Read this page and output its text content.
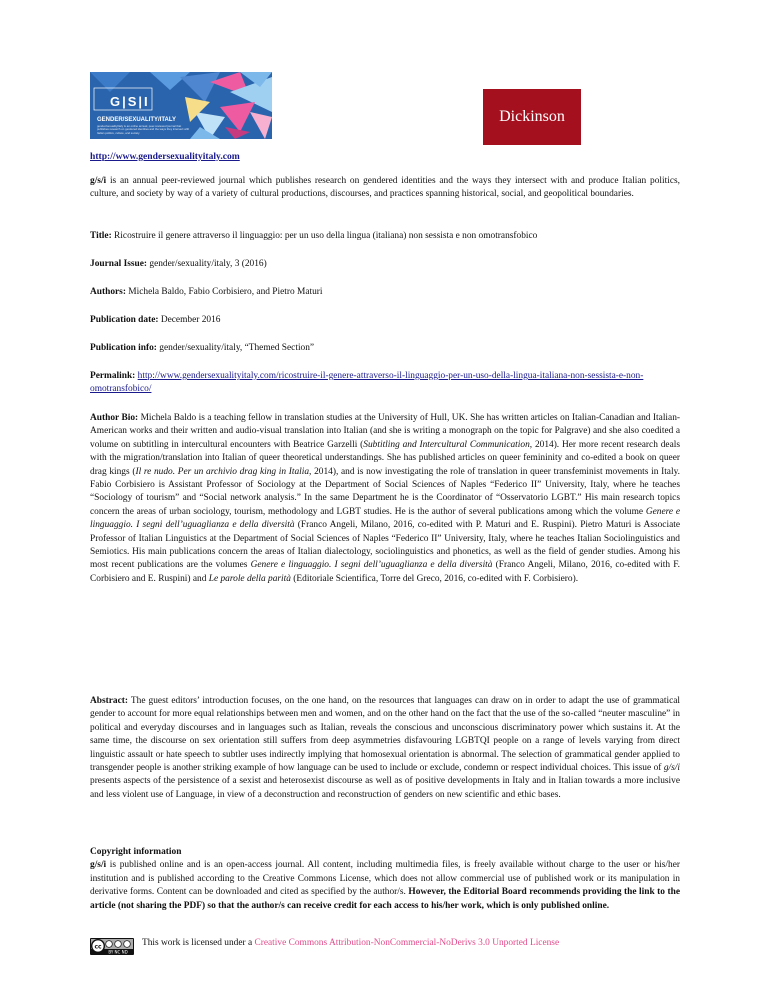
G|S|I
GENDER/SEXUALITY/ITALY
gender/sexuality/italy is an online annual, peer-reviewed journal that publishes research on gendered identities and the ways they intersect with Italian politics, culture, and society.
Dickinson
http://www.gendersexualityitaly.com

g/s/i is an annual peer-reviewed journal which publishes research on gendered identities and the ways they intersect with and produce Italian politics, culture, and society by way of a variety of cultural productions, discourses, and practices spanning historical, social, and geopolitical boundaries.

Title: Ricostruire il genere attraverso il linguaggio: per un uso della lingua (italiana) non sessista e non omotransfobico

Journal Issue: gender/sexuality/italy, 3 (2016)

Authors: Michela Baldo, Fabio Corbisiero, and Pietro Maturi

Publication date: December 2016

Publication info: gender/sexuality/italy, “Themed Section”

Permalink: http://www.gendersexualityitaly.com/ricostruire-il-genere-attraverso-il-linguaggio-per-un-uso-della-lingua-italiana-non-sessista-e-non-omotransfobico/

Author Bio: Michela Baldo is a teaching fellow in translation studies at the University of Hull, UK. She has written articles on Italian-Canadian and Italian-American works and their written and audio-visual translation into Italian (and she is writing a monograph on the topic for Palgrave) and she also coedited a volume on subtitling in intercultural encounters with Beatrice Garzelli (Subtitling and Intercultural Communication, 2014). Her more recent research deals with the migration/translation into Italian of queer theoretical understandings. She has published articles on queer femininity and co-edited a book on queer drag kings (Il re nudo. Per un archivio drag king in Italia, 2014), and is now investigating the role of translation in queer transfeminist movements in Italy. Fabio Corbisiero is Assistant Professor of Sociology at the Department of Social Sciences of Naples “Federico II” University, Italy, where he teaches “Sociology of tourism” and “Social network analysis.” In the same Department he is the Coordinator of “Osservatorio LGBT.” His main research topics concern the areas of urban sociology, tourism, methodology and LGBT studies. He is the author of several publications among which the volume Genere e linguaggio. I segni dell’uguaglianza e della diversità (Franco Angeli, Milano, 2016, co-edited with P. Maturi and E. Ruspini). Pietro Maturi is Associate Professor of Italian Linguistics at the Department of Social Sciences of Naples “Federico II” University, Italy, where he teaches Italian Sociolinguistics and Semiotics. His main publications concern the areas of Italian dialectology, sociolinguistics and phonetics, as well as the field of gender studies. Among his most recent publications are the volumes Genere e linguaggio. I segni dell’uguaglianza e della diversità (Franco Angeli, Milano, 2016, co-edited with F. Corbisiero and E. Ruspini) and Le parole della parità (Editoriale Scientifica, Torre del Greco, 2016, co-edited with F. Corbisiero).

Abstract: The guest editors’ introduction focuses, on the one hand, on the resources that languages can draw on in order to adapt the use of grammatical gender to account for more equal relationships between men and women, and on the other hand on the fact that the use of the so-called “neuter masculine” in political and everyday discourses and in languages such as Italian, reveals the conscious and unconscious discriminatory power which sustains it. At the same time, the discourse on sex orientation still suffers from deep asymmetries disfavouring LGBTQI people on a range of levels varying from direct linguistic assault or hate speech to subtler uses indirectly implying that homosexual orientation is abnormal. The selection of grammatical gender applied to transgender people is another striking example of how language can be used to include or exclude, condemn or respect individual choices. This issue of g/s/i presents aspects of the persistence of a sexist and heterosexist discourse as well as of positive developments in Italy and in Italian towards a more inclusive and less violent use of Language, in view of a deconstruction and reconstruction of genders on new scientific and ethic bases.

Copyright information

g/s/i is published online and is an open-access journal. All content, including multimedia files, is freely available without charge to the user or his/her institution and is published according to the Creative Commons License, which does not allow commercial use of published work or its manipulation in derivative forms. Content can be downloaded and cited as specified by the author/s. However, the Editorial Board recommends providing the link to the article (not sharing the PDF) so that the author/s can receive credit for each access to his/her work, which is only published online.

cc
BY NC ND
This work is licensed under a Creative Commons Attribution-NonCommercial-NoDerivs 3.0 Unported License
